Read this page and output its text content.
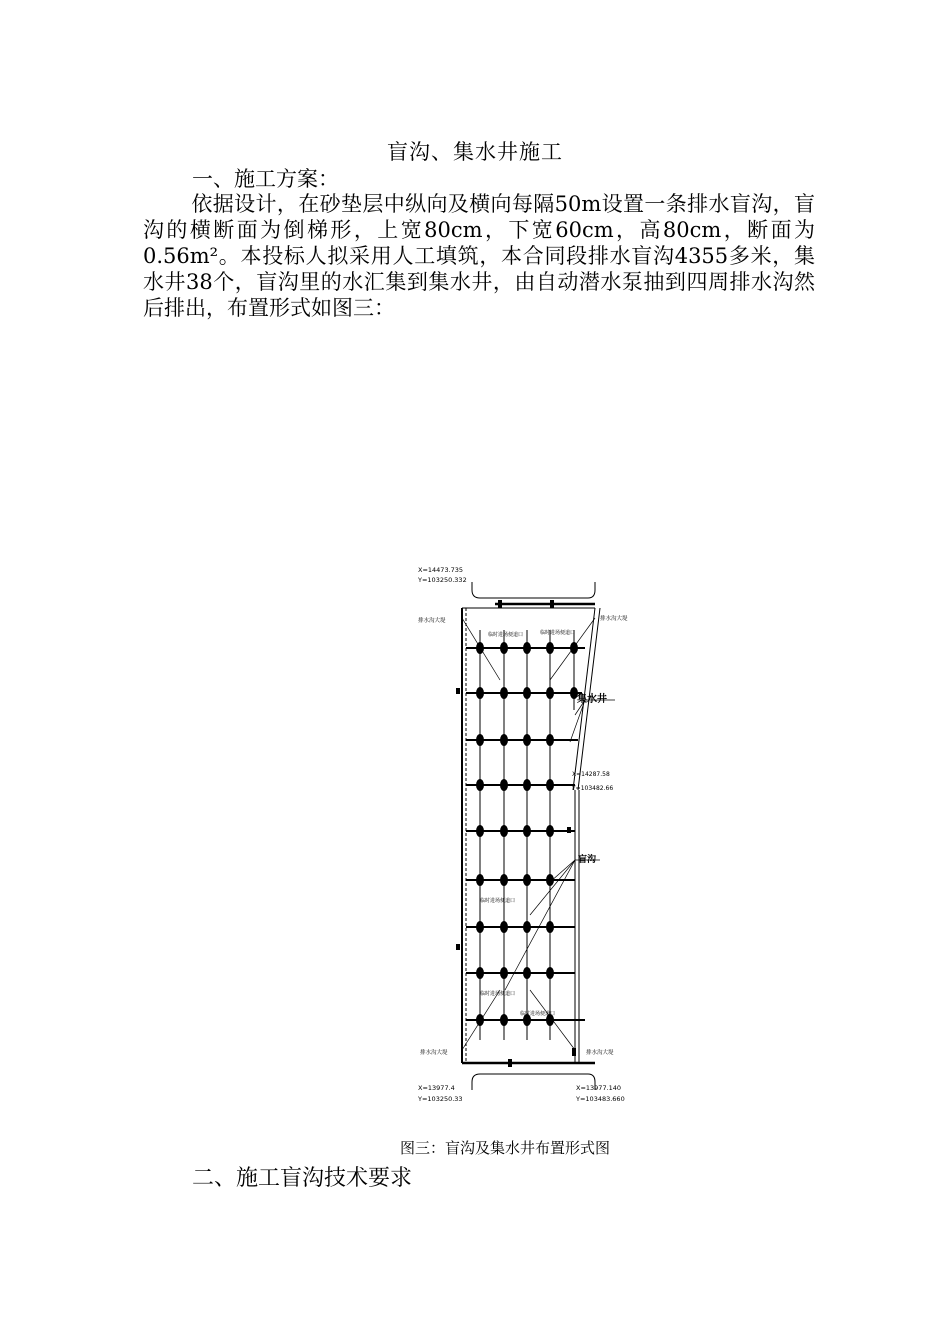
盲沟、集水井施工
一、施工方案：
依据设计，在砂垫层中纵向及横向每隔50m设置一条排水盲沟，盲沟的横断面为倒梯形，上宽80cm，下宽60cm，高80cm，断面为0.56m²。本投标人拟采用人工填筑，本合同段排水盲沟4355多米，集水井38个，盲沟里的水汇集到集水井，由自动潜水泵抽到四周排水沟然后排出，布置形式如图三：
X=14473.735
Y=103250.332
排水沟大堤	排水沟大堤
临时进场便道口	临时进场便道口
集水井
X=14287.58
Y=103482.66
盲沟
临时进场便道口
临时进场便道口
临时进场便道口
排水沟大堤	排水沟大堤
X=13977.4
Y=103250.33
X=13977.140
Y=103483.660
图三：盲沟及集水井布置形式图
二、施工盲沟技术要求
